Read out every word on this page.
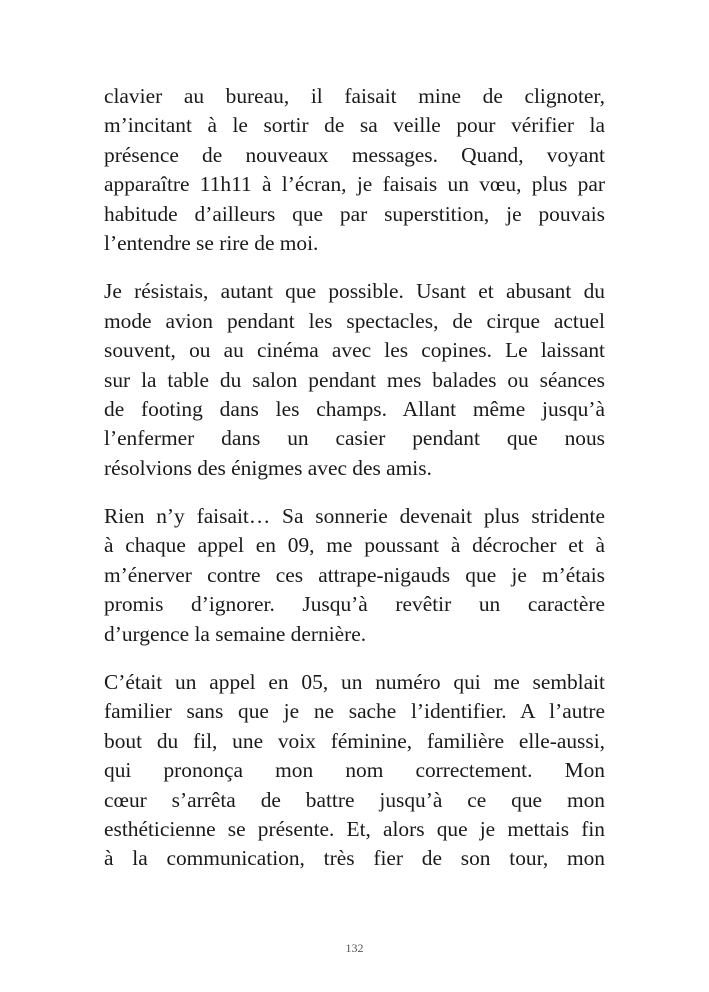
clavier au bureau, il faisait mine de clignoter,
m’incitant à le sortir de sa veille pour vérifier la
présence de nouveaux messages. Quand, voyant
apparaître 11h11 à l’écran, je faisais un vœu, plus par
habitude d’ailleurs que par superstition, je pouvais
l’entendre se rire de moi.

Je résistais, autant que possible. Usant et abusant du
mode avion pendant les spectacles, de cirque actuel
souvent, ou au cinéma avec les copines. Le laissant
sur la table du salon pendant mes balades ou séances
de footing dans les champs. Allant même jusqu’à
l’enfermer dans un casier pendant que nous
résolvions des énigmes avec des amis.

Rien n’y faisait… Sa sonnerie devenait plus stridente
à chaque appel en 09, me poussant à décrocher et à
m’énerver contre ces attrape-nigauds que je m’étais
promis d’ignorer. Jusqu’à revêtir un caractère
d’urgence la semaine dernière.

C’était un appel en 05, un numéro qui me semblait
familier sans que je ne sache l’identifier. A l’autre
bout du fil, une voix féminine, familière elle-aussi,
qui prononça mon nom correctement. Mon
cœur s’arrêta de battre jusqu’à ce que mon
esthéticienne se présente. Et, alors que je mettais fin
à la communication, très fier de son tour, mon

132
